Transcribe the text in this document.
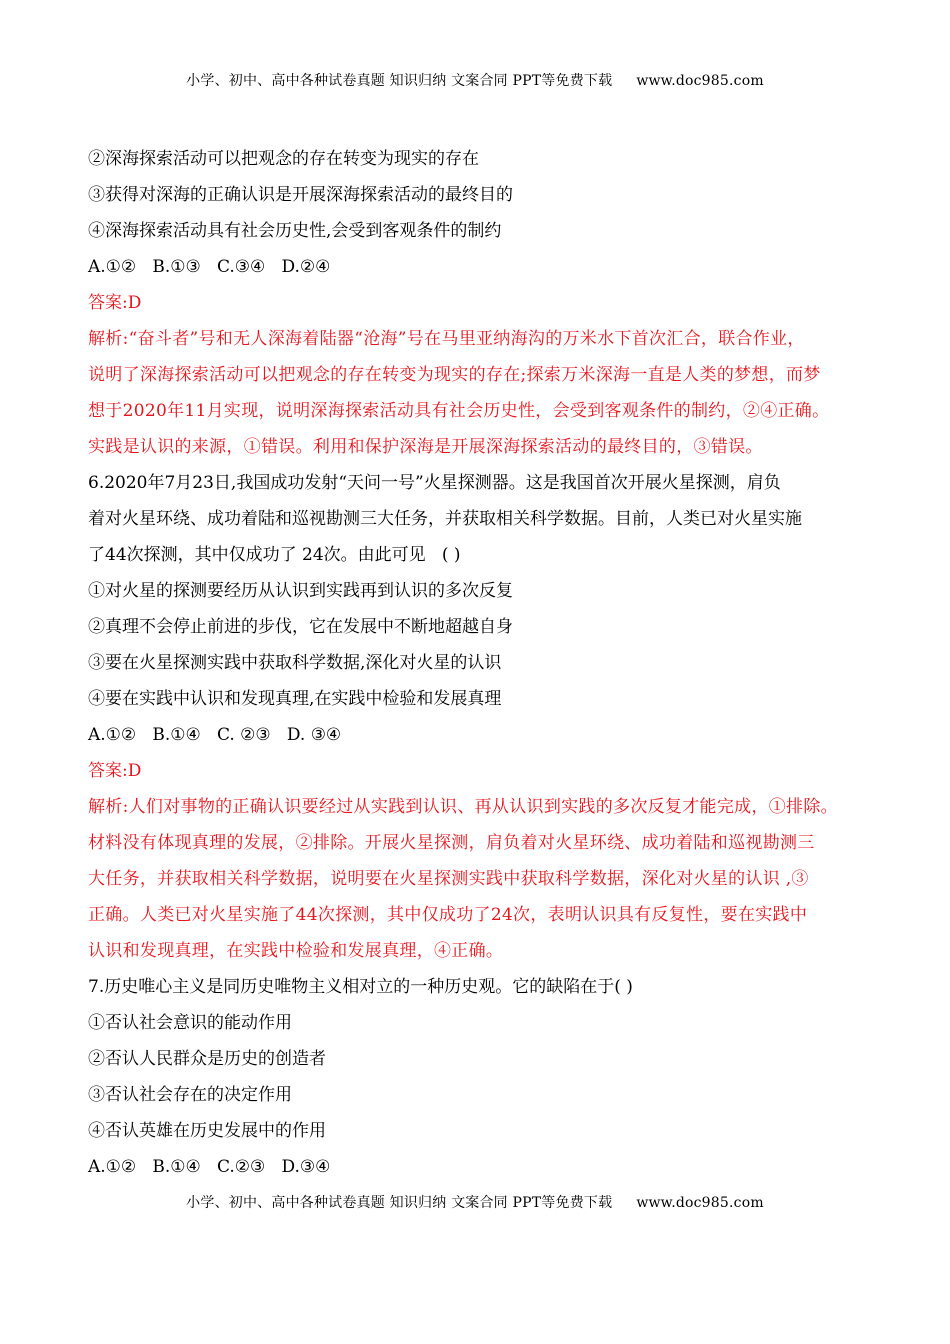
小学、初中、高中各种试卷真题 知识归纳 文案合同 PPT等免费下载 www.doc985.com
②深海探索活动可以把观念的存在转变为现实的存在
③获得对深海的正确认识是开展深海探索活动的最终目的
④深海探索活动具有社会历史性,会受到客观条件的制约
A.①②   B.①③   C.③④   D.②④
答案:D
解析:“奋斗者”号和无人深海着陆器“沧海”号在马里亚纳海沟的万米水下首次汇合，联合作业，
说明了深海探索活动可以把观念的存在转变为现实的存在;探索万米深海一直是人类的梦想，而梦
想于2020年11月实现，说明深海探索活动具有社会历史性，会受到客观条件的制约，②④正确。
实践是认识的来源，①错误。利用和保护深海是开展深海探索活动的最终目的，③错误。
6.2020年7月23日,我国成功发射“天问一号”火星探测器。这是我国首次开展火星探测，肩负
着对火星环绕、成功着陆和巡视勘测三大任务，并获取相关科学数据。目前，人类已对火星实施
了44次探测，其中仅成功了 24次。由此可见   ( )
①对火星的探测要经历从认识到实践再到认识的多次反复
②真理不会停止前进的步伐，它在发展中不断地超越自身
③要在火星探测实践中获取科学数据,深化对火星的认识
④要在实践中认识和发现真理,在实践中检验和发展真理
A.①②   B.①④   C. ②③   D. ③④
答案:D
解析:人们对事物的正确认识要经过从实践到认识、再从认识到实践的多次反复才能完成，①排除。
材料没有体现真理的发展，②排除。开展火星探测，肩负着对火星环绕、成功着陆和巡视勘测三
大任务，并获取相关科学数据，说明要在火星探测实践中获取科学数据，深化对火星的认识 ,③
正确。人类已对火星实施了44次探测，其中仅成功了24次，表明认识具有反复性，要在实践中
认识和发现真理，在实践中检验和发展真理，④正确。
7.历史唯心主义是同历史唯物主义相对立的一种历史观。它的缺陷在于( )
①否认社会意识的能动作用
②否认人民群众是历史的创造者
③否认社会存在的决定作用
④否认英雄在历史发展中的作用
A.①②   B.①④   C.②③   D.③④
小学、初中、高中各种试卷真题 知识归纳 文案合同 PPT等免费下载 www.doc985.com
